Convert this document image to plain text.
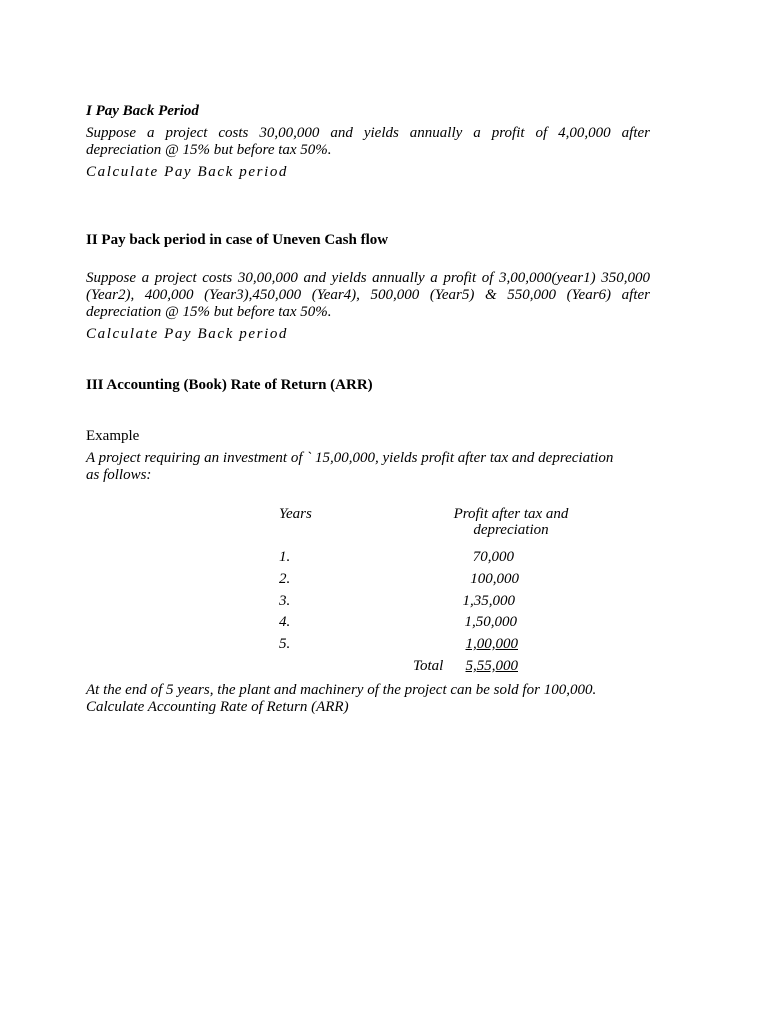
I Pay Back Period
Suppose a project costs 30,00,000 and yields annually a profit of 4,00,000 after
depreciation @ 15% but before tax 50%.
Calculate Pay Back period
II Pay back period in case of Uneven Cash flow
Suppose a project costs 30,00,000 and yields annually a profit of 3,00,000(year1) 350,000
(Year2), 400,000 (Year3),450,000 (Year4), 500,000 (Year5) & 550,000 (Year6) after
depreciation @ 15% but before tax 50%.
Calculate Pay Back period
III Accounting (Book) Rate of Return (ARR)
Example
A project requiring an investment of ` 15,00,000, yields profit after tax and depreciation
as follows:
Years	Profit after tax and
depreciation
1.	70,000
2.	100,000
3.	1,35,000
4.	1,50,000
5.	1,00,000
Total	5,55,000
At the end of 5 years, the plant and machinery of the project can be sold for 100,000.
Calculate Accounting Rate of Return (ARR)
